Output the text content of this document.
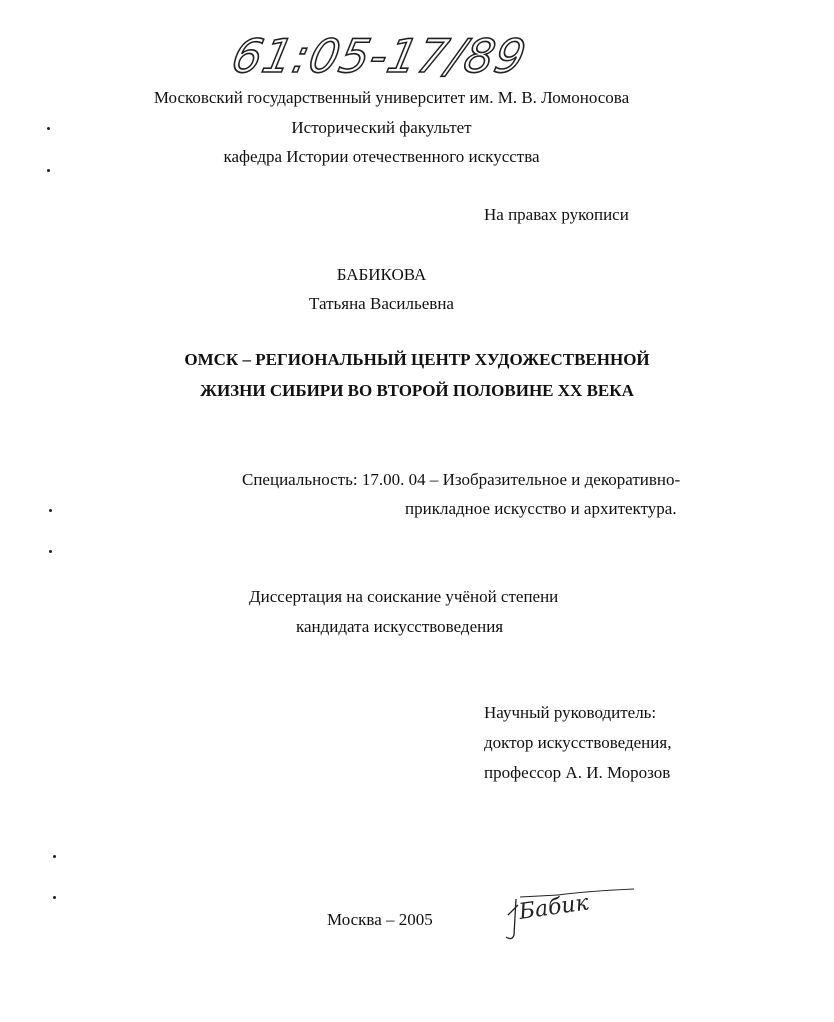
61:05-17/89
Московский государственный университет им. М. В. Ломоносова
Исторический факультет
кафедра Истории отечественного искусства
На правах рукописи
БАБИКОВА
Татьяна Васильевна
ОМСК – РЕГИОНАЛЬНЫЙ ЦЕНТР ХУДОЖЕСТВЕННОЙ
ЖИЗНИ СИБИРИ ВО ВТОРОЙ ПОЛОВИНЕ ХХ ВЕКА
Специальность: 17.00. 04 – Изобразительное и декоративно-
прикладное искусство и архитектура.
Диссертация на соискание учёной степени
кандидата искусствоведения
Научный руководитель:
доктор искусствоведения,
профессор А. И. Морозов
Москва – 2005	Бабик
